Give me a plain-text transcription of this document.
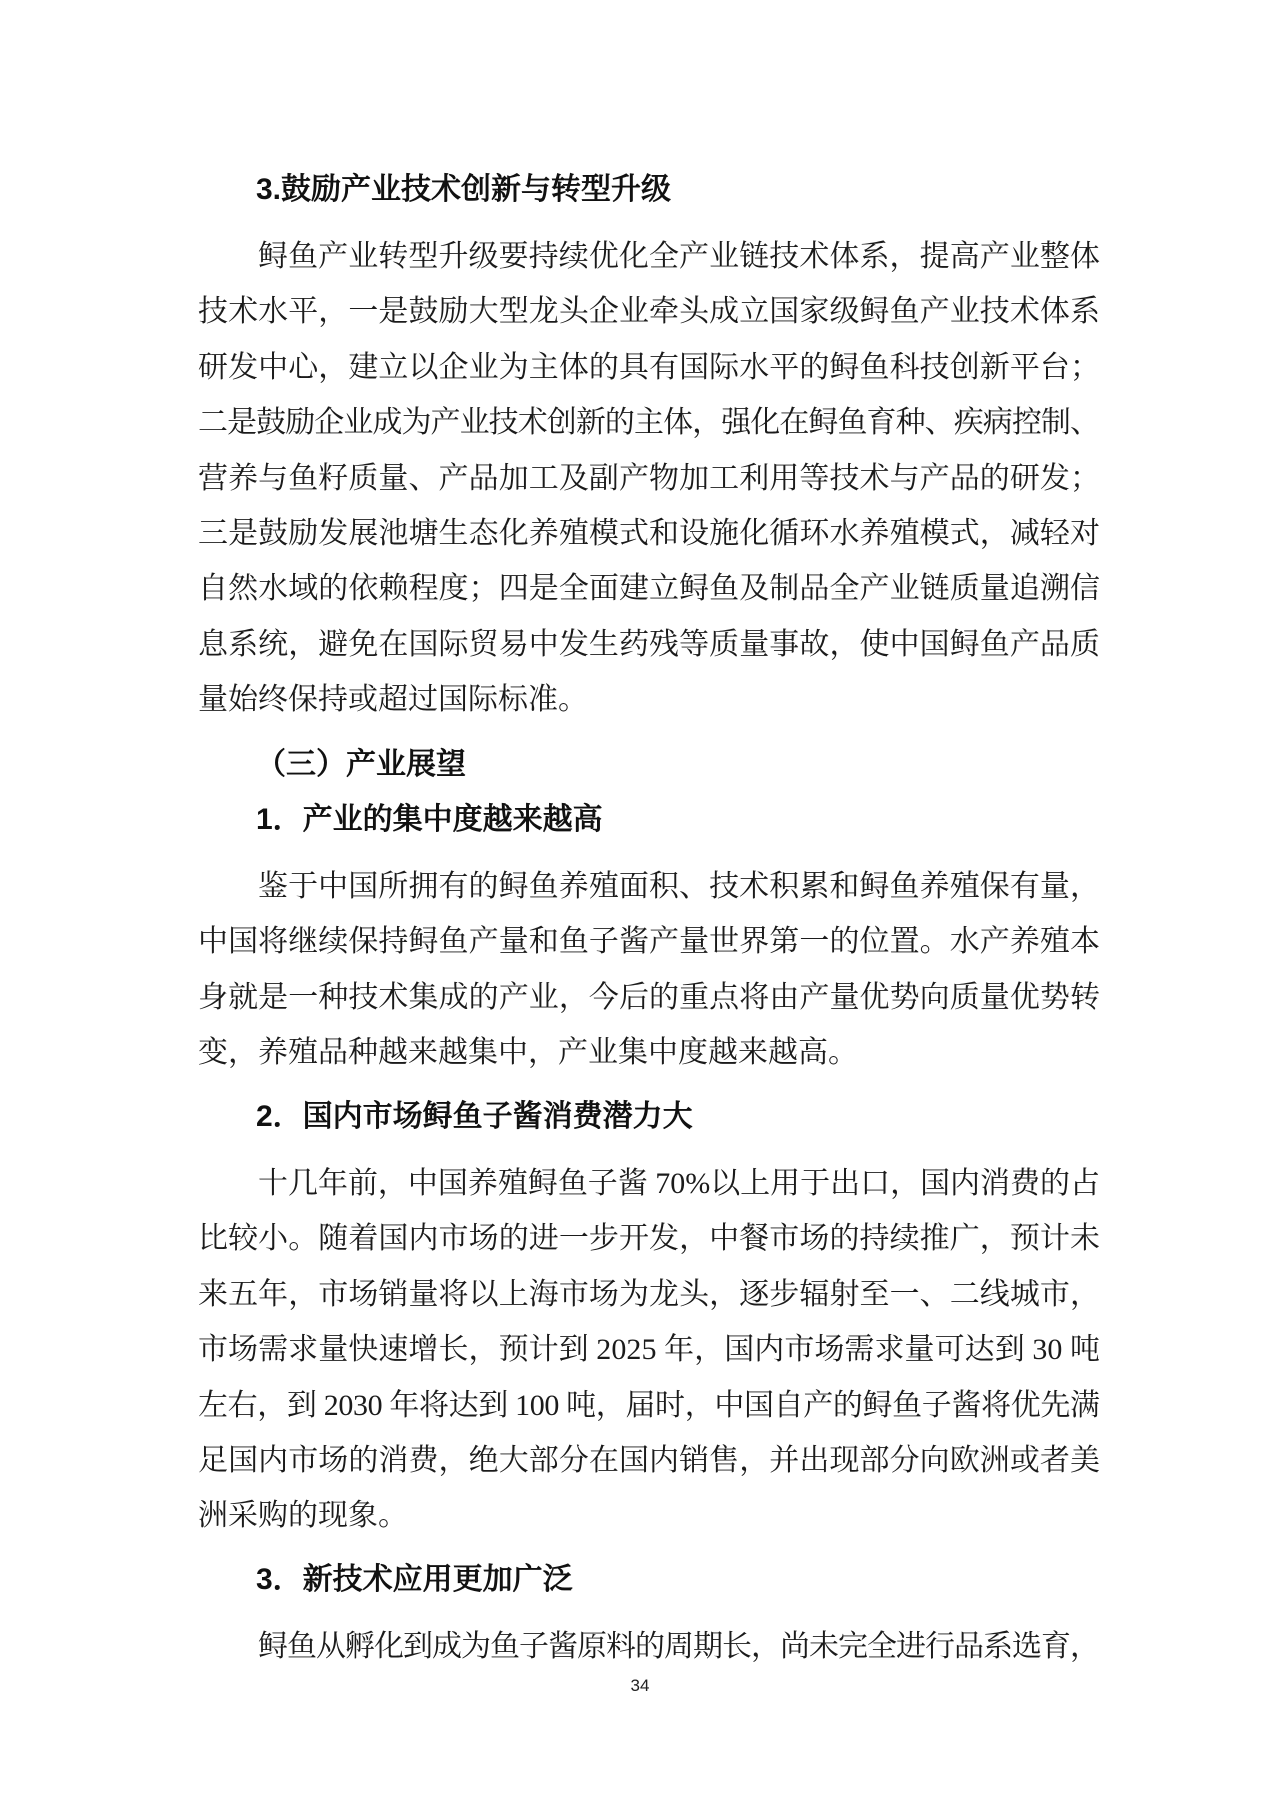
3.鼓励产业技术创新与转型升级
鲟鱼产业转型升级要持续优化全产业链技术体系，提高产业整体
技术水平，一是鼓励大型龙头企业牵头成立国家级鲟鱼产业技术体系
研发中心，建立以企业为主体的具有国际水平的鲟鱼科技创新平台；
二是鼓励企业成为产业技术创新的主体，强化在鲟鱼育种、疾病控制、
营养与鱼籽质量、产品加工及副产物加工利用等技术与产品的研发；
三是鼓励发展池塘生态化养殖模式和设施化循环水养殖模式，减轻对
自然水域的依赖程度；四是全面建立鲟鱼及制品全产业链质量追溯信
息系统，避免在国际贸易中发生药残等质量事故，使中国鲟鱼产品质
量始终保持或超过国际标准。
（三）产业展望
1．产业的集中度越来越高
鉴于中国所拥有的鲟鱼养殖面积、技术积累和鲟鱼养殖保有量，
中国将继续保持鲟鱼产量和鱼子酱产量世界第一的位置。水产养殖本
身就是一种技术集成的产业，今后的重点将由产量优势向质量优势转
变，养殖品种越来越集中，产业集中度越来越高。
2．国内市场鲟鱼子酱消费潜力大
十几年前，中国养殖鲟鱼子酱 70%以上用于出口，国内消费的占
比较小。随着国内市场的进一步开发，中餐市场的持续推广，预计未
来五年，市场销量将以上海市场为龙头，逐步辐射至一、二线城市，
市场需求量快速增长，预计到 2025 年，国内市场需求量可达到 30 吨
左右，到 2030 年将达到 100 吨，届时，中国自产的鲟鱼子酱将优先满
足国内市场的消费，绝大部分在国内销售，并出现部分向欧洲或者美
洲采购的现象。
3．新技术应用更加广泛
鲟鱼从孵化到成为鱼子酱原料的周期长，尚未完全进行品系选育，
34
